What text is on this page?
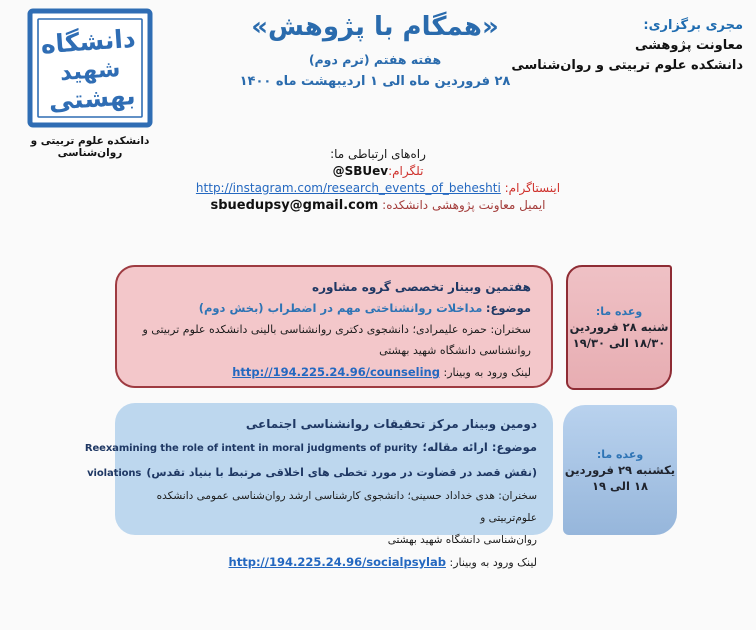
دانشگاه
شهید
بهشتی
دانشکده علوم تربیتی و روان‌شناسی
«همگام با پژوهش»
هفته هفتم (ترم دوم)
۲۸ فروردین ماه الی ۱ اردیبهشت ماه ۱۴۰۰
مجری برگزاری:
معاونت پژوهشی
دانشکده علوم تربیتی و روان‌شناسی
راه‌های ارتباطی ما:
تلگرام:@SBUev
اینستاگرام: http://instagram.com/research_events_of_beheshti
ایمیل معاونت پژوهشی دانشکده: sbuedupsy@gmail.com
هفتمین وبینار تخصصی گروه مشاوره
موضوع: مداخلات روانشناختی مهم در اضطراب (بخش دوم)
سخنران: حمزه علیمرادی؛ دانشجوی دکتری روانشناسی بالینی دانشکده علوم تربیتی و
روانشناسی دانشگاه شهید بهشتی
لینک ورود به وبینار: http://194.225.24.96/counseling
وعده ما:
شنبه ۲۸ فروردین
۱۸/۳۰ الی ۱۹/۳۰
دومین وبینار مرکز تحقیقات روانشناسی اجتماعی
موضوع: ارائه مقاله؛ Reexamining the role of intent in moral judgments of purity
(نقش قصد در قضاوت در مورد تخطی های اخلاقی مرتبط با بنیاد تقدس) violations
سخنران: هدی خداداد حسینی؛ دانشجوی کارشناسی ارشد روان‌شناسی عمومی دانشکده علوم‌تربیتی و
روان‌شناسی دانشگاه شهید بهشتی
لینک ورود به وبینار: http://194.225.24.96/socialpsylab
وعده ما:
یکشنبه ۲۹ فروردین
۱۸ الی ۱۹
